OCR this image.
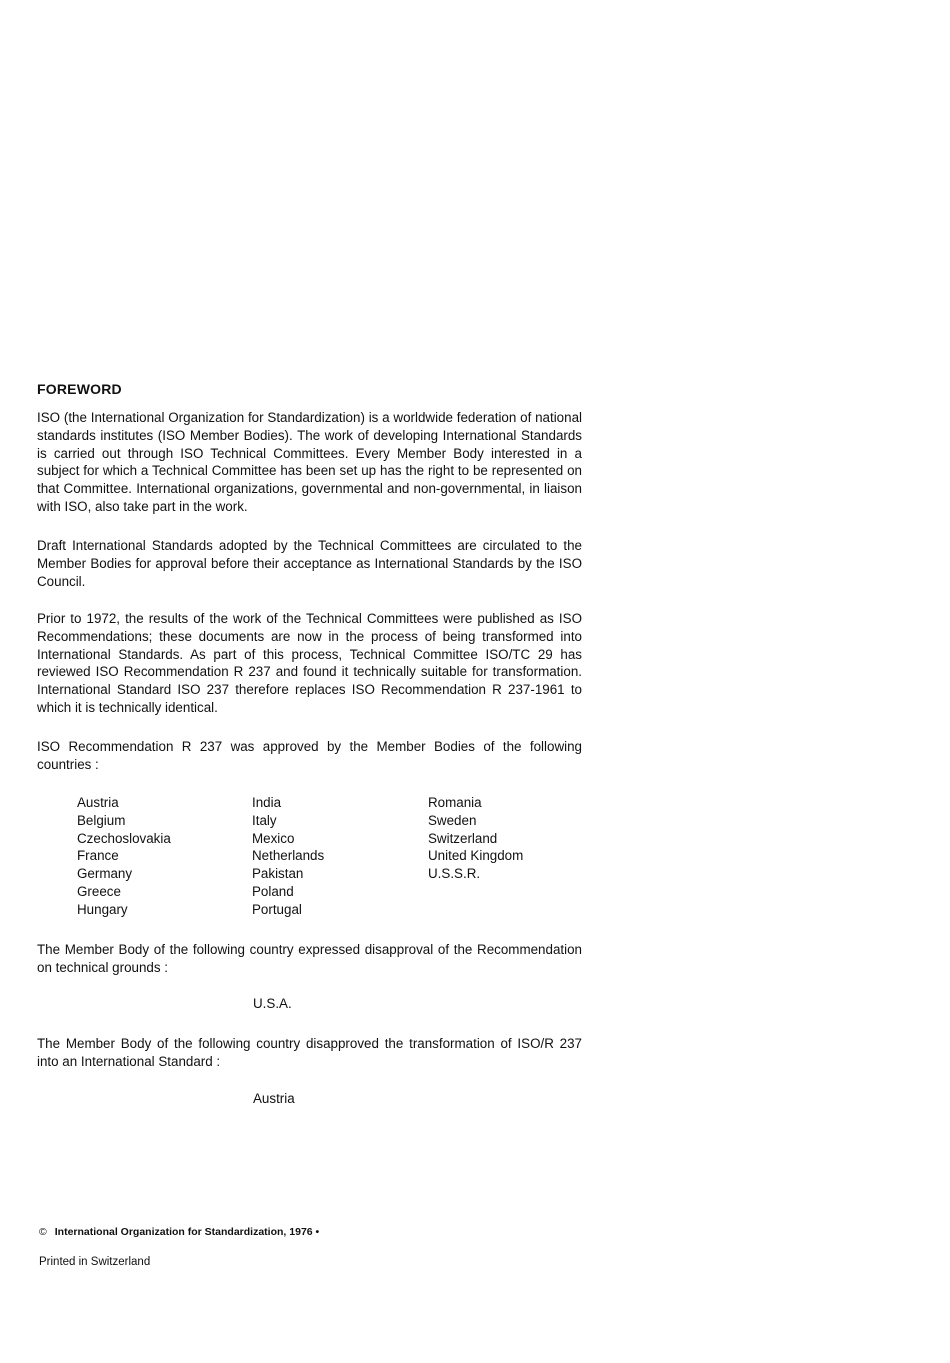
FOREWORD
ISO (the International Organization for Standardization) is a worldwide federation of national standards institutes (ISO Member Bodies). The work of developing International Standards is carried out through ISO Technical Committees. Every Member Body interested in a subject for which a Technical Committee has been set up has the right to be represented on that Committee. International organizations, governmental and non-governmental, in liaison with ISO, also take part in the work.
Draft International Standards adopted by the Technical Committees are circulated to the Member Bodies for approval before their acceptance as International Standards by the ISO Council.
Prior to 1972, the results of the work of the Technical Committees were published as ISO Recommendations; these documents are now in the process of being transformed into International Standards. As part of this process, Technical Committee ISO/TC 29 has reviewed ISO Recommendation R 237 and found it technically suitable for transformation. International Standard ISO 237 therefore replaces ISO Recommendation R 237-1961 to which it is technically identical.
ISO Recommendation R 237 was approved by the Member Bodies of the following countries :
Austria
Belgium
Czechoslovakia
France
Germany
Greece
Hungary
India
Italy
Mexico
Netherlands
Pakistan
Poland
Portugal
Romania
Sweden
Switzerland
United Kingdom
U.S.S.R.
The Member Body of the following country expressed disapproval of the Recommendation on technical grounds :
U.S.A.
The Member Body of the following country disapproved the transformation of ISO/R 237 into an International Standard :
Austria
© International Organization for Standardization, 1976 •
Printed in Switzerland
